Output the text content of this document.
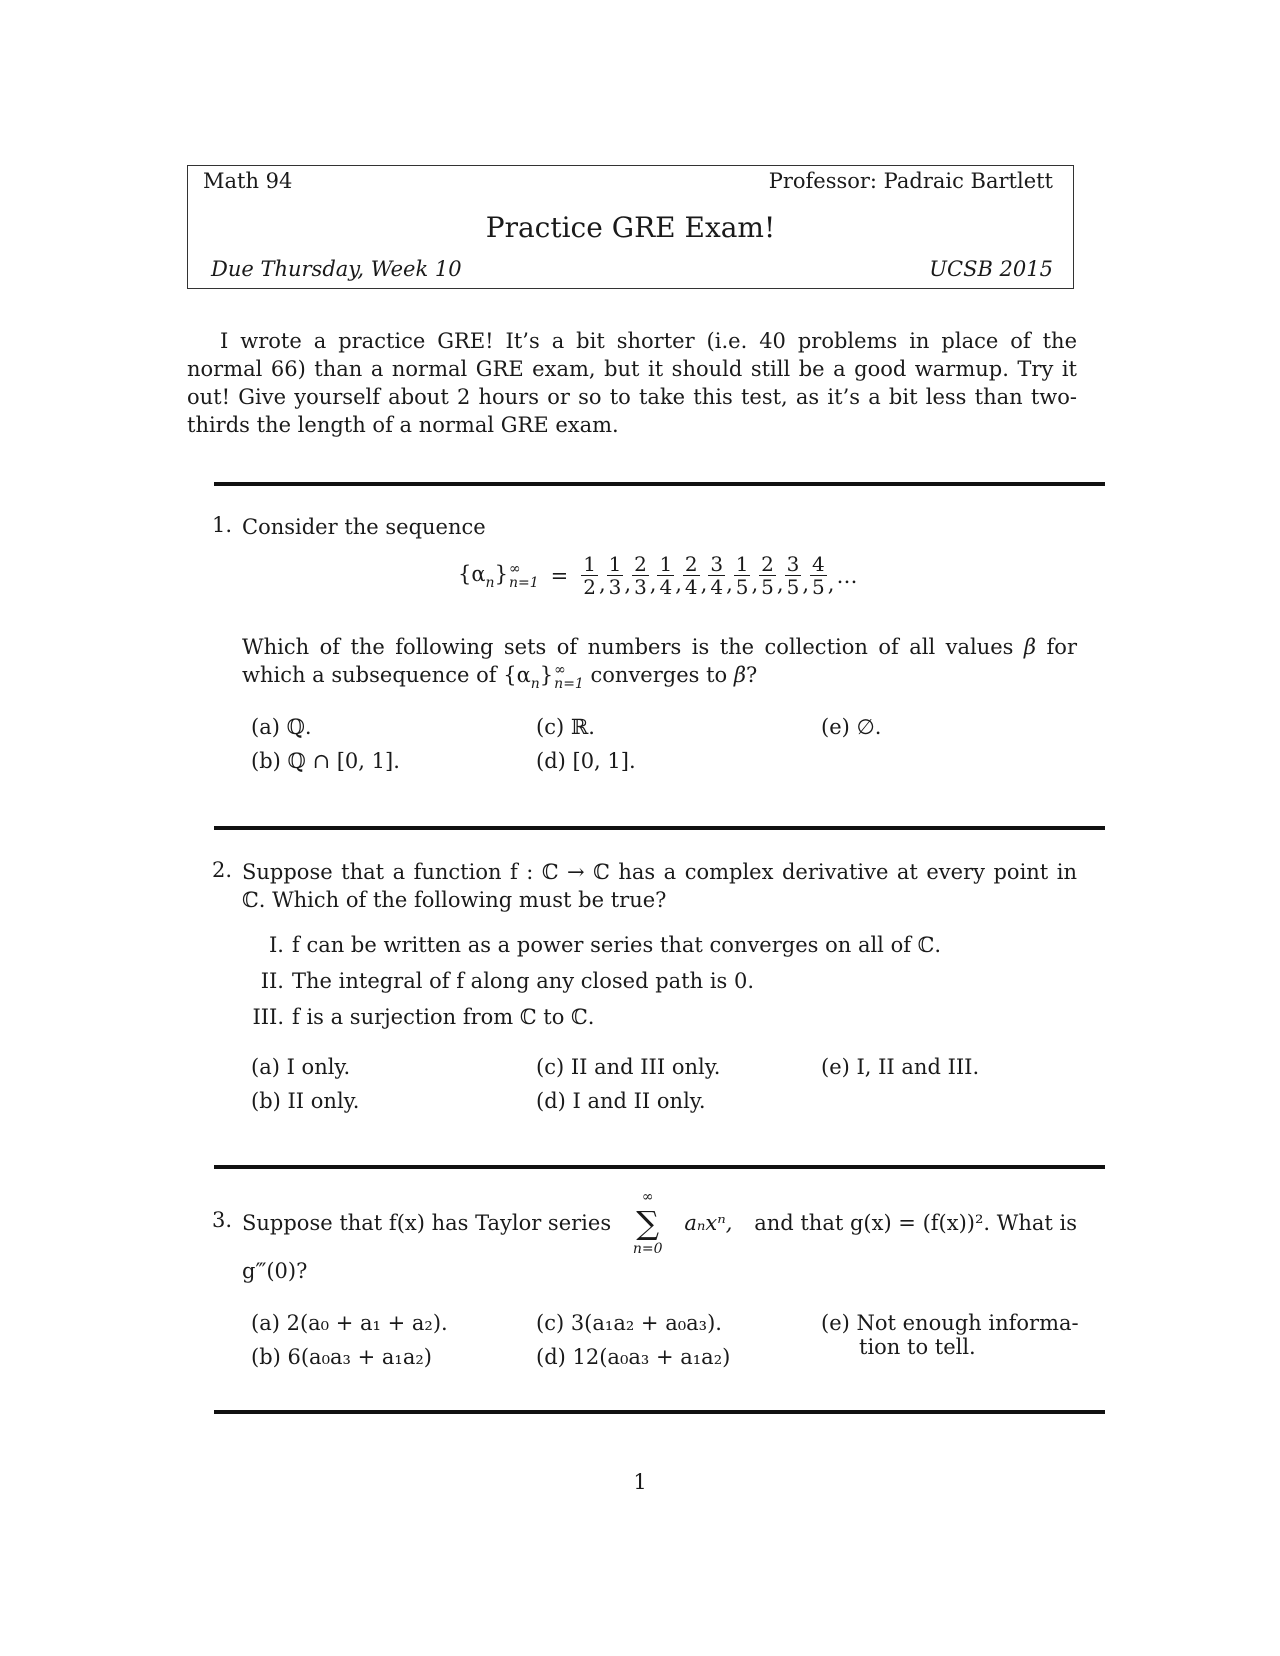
Math 94	Professor: Padraic Bartlett
Practice GRE Exam!
Due Thursday, Week 10	UCSB 2015
I wrote a practice GRE! It’s a bit shorter (i.e. 40 problems in place of the normal 66) than a normal GRE exam, but it should still be a good warmup. Try it out! Give yourself about 2 hours or so to take this test, as it’s a bit less than two-thirds the length of a normal GRE exam.
1. Consider the sequence
$\{\alpha_n\}$ ∞
$n=1 = \frac{1}{2}$ , $\frac{1}{3}$ , $\frac{2}{3}$ , $\frac{1}{4}$ , $\frac{2}{4}$ , $\frac{3}{4}$ , $\frac{1}{5}$ , $\frac{2}{5}$ , $\frac{3}{5}$ , $\frac{4}{5}$ , …
Which of the following sets of numbers is the collection of all values β for which a subsequence of $\{\alpha_n\}$ ∞
n=1 converges to β?
(a) ℚ.
(b) ℚ ∩ [0, 1].
(c) ℝ.
(d) [0, 1].
(e) ∅.
2. Suppose that a function f : ℂ → ℂ has a complex derivative at every point in ℂ. Which of the following must be true?
I. f can be written as a power series that converges on all of ℂ.
II. The integral of f along any closed path is 0.
III. f is a surjection from ℂ to ℂ.
(a) I only.
(b) II only.
(c) II and III only.
(d) I and II only.
(e) I, II and III.
3. Suppose that f(x) has Taylor series
∞
∑
n=0
aₙxⁿ, and that g(x) = (f(x))². What is
g‴(0)?
(a) 2(a₀ + a₁ + a₂).
(b) 6(a₀a₃ + a₁a₂)
(c) 3(a₁a₂ + a₀a₃).
(d) 12(a₀a₃ + a₁a₂)
(e) Not enough informa-
tion to tell.
1
